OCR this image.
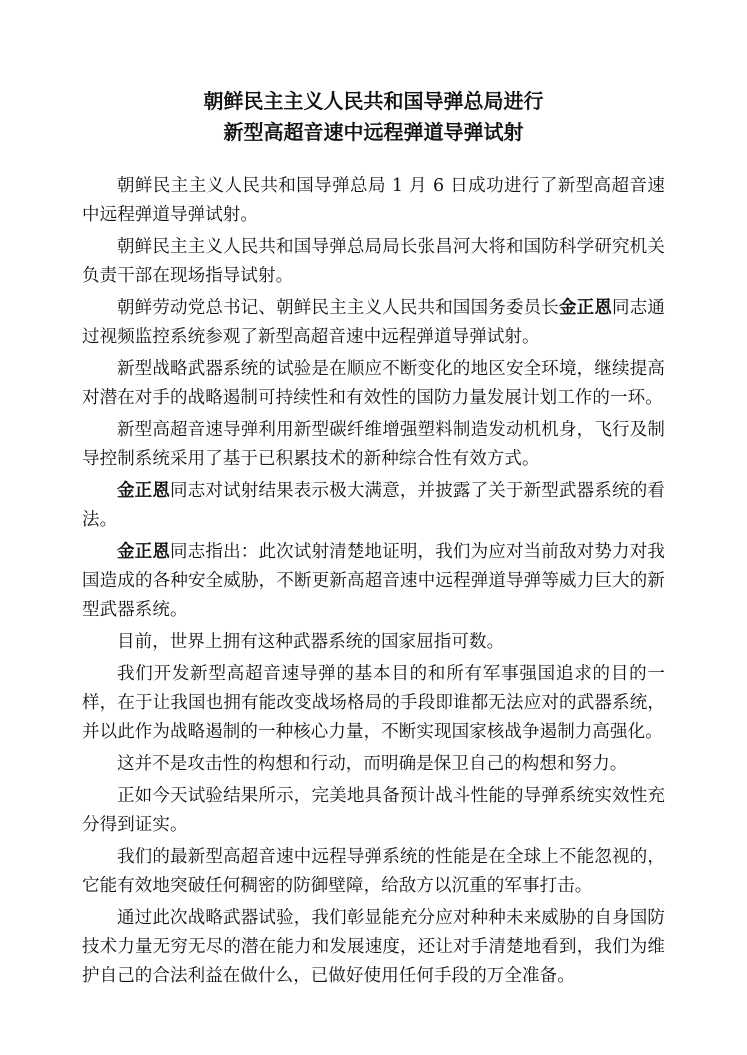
朝鲜民主主义人民共和国导弹总局进行

新型高超音速中远程弹道导弹试射

朝鲜民主主义人民共和国导弹总局 1 月 6 日成功进行了新型高超音速中远程弹道导弹试射。

朝鲜民主主义人民共和国导弹总局局长张昌河大将和国防科学研究机关负责干部在现场指导试射。

朝鲜劳动党总书记、朝鲜民主主义人民共和国国务委员长金正恩同志通过视频监控系统参观了新型高超音速中远程弹道导弹试射。

新型战略武器系统的试验是在顺应不断变化的地区安全环境，继续提高对潜在对手的战略遏制可持续性和有效性的国防力量发展计划工作的一环。

新型高超音速导弹利用新型碳纤维增强塑料制造发动机机身，飞行及制导控制系统采用了基于已积累技术的新种综合性有效方式。

金正恩同志对试射结果表示极大满意，并披露了关于新型武器系统的看法。

金正恩同志指出：此次试射清楚地证明，我们为应对当前敌对势力对我国造成的各种安全威胁，不断更新高超音速中远程弹道导弹等威力巨大的新型武器系统。

目前，世界上拥有这种武器系统的国家屈指可数。

我们开发新型高超音速导弹的基本目的和所有军事强国追求的目的一样，在于让我国也拥有能改变战场格局的手段即谁都无法应对的武器系统，并以此作为战略遏制的一种核心力量，不断实现国家核战争遏制力高强化。

这并不是攻击性的构想和行动，而明确是保卫自己的构想和努力。

正如今天试验结果所示，完美地具备预计战斗性能的导弹系统实效性充分得到证实。

我们的最新型高超音速中远程导弹系统的性能是在全球上不能忽视的，它能有效地突破任何稠密的防御壁障，给敌方以沉重的军事打击。

通过此次战略武器试验，我们彰显能充分应对种种未来威胁的自身国防技术力量无穷无尽的潜在能力和发展速度，还让对手清楚地看到，我们为维护自己的合法利益在做什么，已做好使用任何手段的万全准备。
